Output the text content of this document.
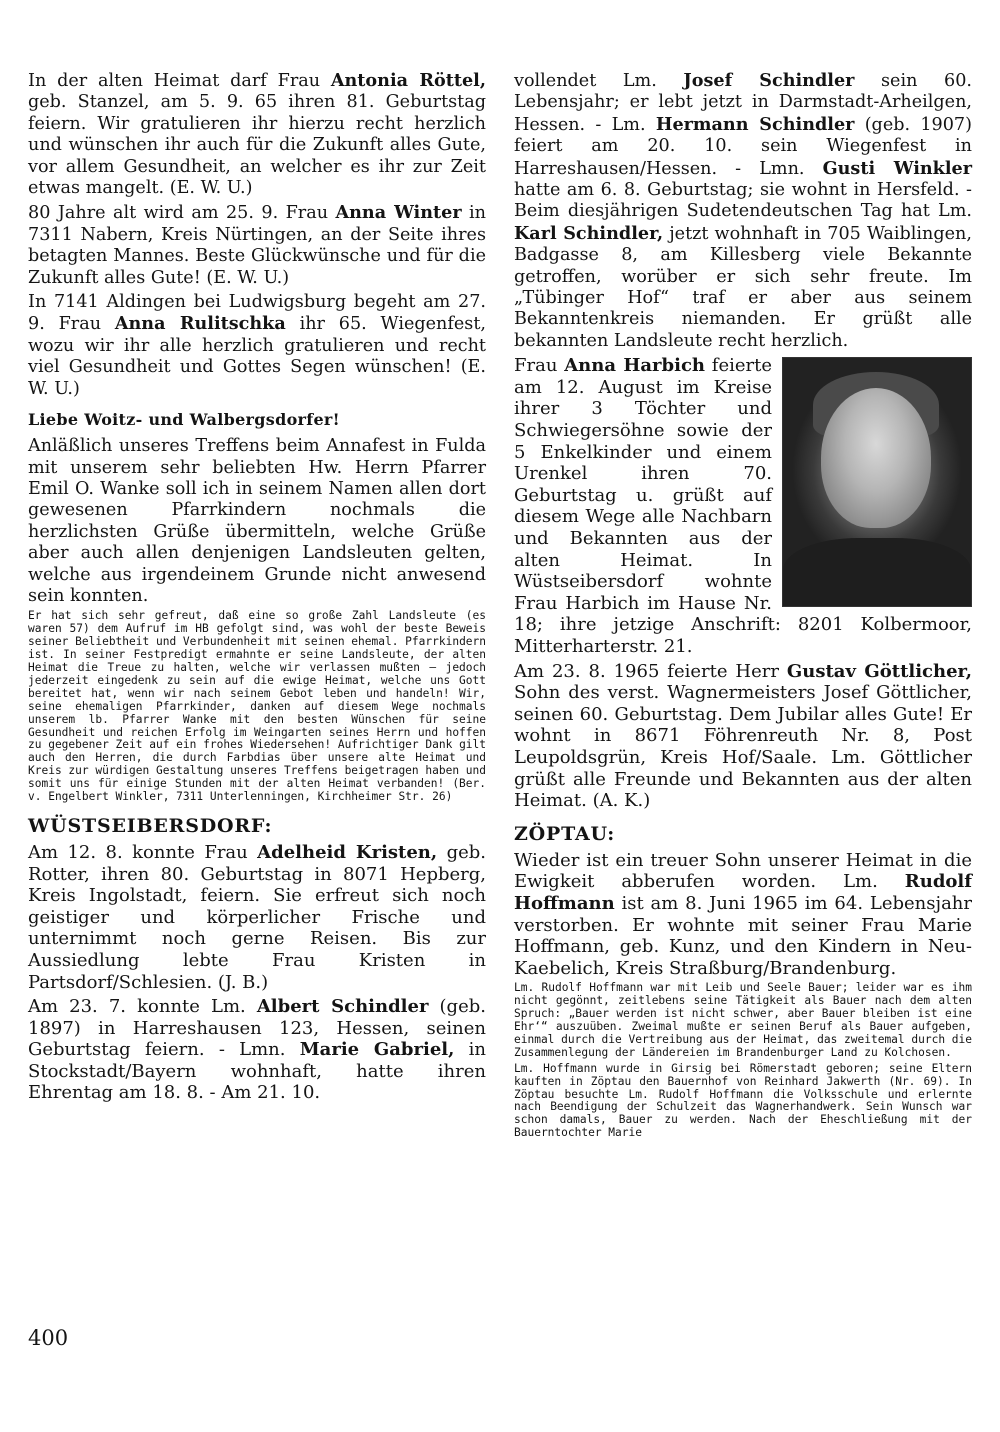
In der alten Heimat darf Frau Antonia Röttel, geb. Stanzel, am 5. 9. 65 ihren 81. Geburtstag feiern. Wir gratulieren ihr hierzu recht herzlich und wünschen ihr auch für die Zukunft alles Gute, vor allem Gesundheit, an welcher es ihr zur Zeit etwas mangelt. (E. W. U.)

80 Jahre alt wird am 25. 9. Frau Anna Winter in 7311 Nabern, Kreis Nürtingen, an der Seite ihres betagten Mannes. Beste Glückwünsche und für die Zukunft alles Gute! (E. W. U.)

In 7141 Aldingen bei Ludwigsburg begeht am 27. 9. Frau Anna Rulitschka ihr 65. Wiegenfest, wozu wir ihr alle herzlich gratulieren und recht viel Gesundheit und Gottes Segen wünschen! (E. W. U.)

Liebe Woitz- und Walbergsdorfer!

Anläßlich unseres Treffens beim Annafest in Fulda mit unserem sehr beliebten Hw. Herrn Pfarrer Emil O. Wanke soll ich in seinem Namen allen dort gewesenen Pfarrkindern nochmals die herzlichsten Grüße übermitteln, welche Grüße aber auch allen denjenigen Landsleuten gelten, welche aus irgendeinem Grunde nicht anwesend sein konnten.

Er hat sich sehr gefreut, daß eine so große Zahl Landsleute (es waren 57) dem Aufruf im HB gefolgt sind, was wohl der beste Beweis seiner Beliebtheit und Verbundenheit mit seinen ehemal. Pfarrkindern ist. In seiner Festpredigt ermahnte er seine Landsleute, der alten Heimat die Treue zu halten, welche wir verlassen mußten — jedoch jederzeit eingedenk zu sein auf die ewige Heimat, welche uns Gott bereitet hat, wenn wir nach seinem Gebot leben und handeln! Wir, seine ehemaligen Pfarrkinder, danken auf diesem Wege nochmals unserem lb. Pfarrer Wanke mit den besten Wünschen für seine Gesundheit und reichen Erfolg im Weingarten seines Herrn und hoffen zu gegebener Zeit auf ein frohes Wiedersehen! Aufrichtiger Dank gilt auch den Herren, die durch Farbdias über unsere alte Heimat und Kreis zur würdigen Gestaltung unseres Treffens beigetragen haben und somit uns für einige Stunden mit der alten Heimat verbanden! (Ber. v. Engelbert Winkler, 7311 Unterlenningen, Kirchheimer Str. 26)

WÜSTSEIBERSDORF:

Am 12. 8. konnte Frau Adelheid Kristen, geb. Rotter, ihren 80. Geburtstag in 8071 Hepberg, Kreis Ingolstadt, feiern. Sie erfreut sich noch geistiger und körperlicher Frische und unternimmt noch gerne Reisen. Bis zur Aussiedlung lebte Frau Kristen in Partsdorf/Schlesien. (J. B.)

Am 23. 7. konnte Lm. Albert Schindler (geb. 1897) in Harreshausen 123, Hessen, seinen Geburtstag feiern. - Lmn. Marie Gabriel, in Stockstadt/Bayern wohnhaft, hatte ihren Ehrentag am 18. 8. - Am 21. 10.

vollendet Lm. Josef Schindler sein 60. Lebensjahr; er lebt jetzt in Darmstadt-Arheilgen, Hessen. - Lm. Hermann Schindler (geb. 1907) feiert am 20. 10. sein Wiegenfest in Harreshausen/Hessen. - Lmn. Gusti Winkler hatte am 6. 8. Geburtstag; sie wohnt in Hersfeld. - Beim diesjährigen Sudetendeutschen Tag hat Lm. Karl Schindler, jetzt wohnhaft in 705 Waiblingen, Badgasse 8, am Killesberg viele Bekannte getroffen, worüber er sich sehr freute. Im „Tübinger Hof“ traf er aber aus seinem Bekanntenkreis niemanden. Er grüßt alle bekannten Landsleute recht herzlich.

Frau Anna Harbich feierte am 12. August im Kreise ihrer 3 Töchter und Schwiegersöhne sowie der 5 Enkelkinder und einem Urenkel ihren 70. Geburtstag u. grüßt auf diesem Wege alle Nachbarn und Bekannten aus der alten Heimat. In Wüstseibersdorf wohnte Frau Harbich im Hause Nr. 18; ihre jetzige Anschrift: 8201 Kolbermoor, Mitterharterstr. 21.

Am 23. 8. 1965 feierte Herr Gustav Göttlicher, Sohn des verst. Wagnermeisters Josef Göttlicher, seinen 60. Geburtstag. Dem Jubilar alles Gute! Er wohnt in 8671 Föhrenreuth Nr. 8, Post Leupoldsgrün, Kreis Hof/Saale. Lm. Göttlicher grüßt alle Freunde und Bekannten aus der alten Heimat. (A. K.)

ZÖPTAU:

Wieder ist ein treuer Sohn unserer Heimat in die Ewigkeit abberufen worden. Lm. Rudolf Hoffmann ist am 8. Juni 1965 im 64. Lebensjahr verstorben. Er wohnte mit seiner Frau Marie Hoffmann, geb. Kunz, und den Kindern in Neu-Kaebelich, Kreis Straßburg/Brandenburg.

Lm. Rudolf Hoffmann war mit Leib und Seele Bauer; leider war es ihm nicht gegönnt, zeitlebens seine Tätigkeit als Bauer nach dem alten Spruch: „Bauer werden ist nicht schwer, aber Bauer bleiben ist eine Ehr‘“ auszuüben. Zweimal mußte er seinen Beruf als Bauer aufgeben, einmal durch die Vertreibung aus der Heimat, das zweitemal durch die Zusammenlegung der Ländereien im Brandenburger Land zu Kolchosen.

Lm. Hoffmann wurde in Girsig bei Römerstadt geboren; seine Eltern kauften in Zöptau den Bauernhof von Reinhard Jakwerth (Nr. 69). In Zöptau besuchte Lm. Rudolf Hoffmann die Volksschule und erlernte nach Beendigung der Schulzeit das Wagnerhandwerk. Sein Wunsch war schon damals, Bauer zu werden. Nach der Eheschließung mit der Bauerntochter Marie

400
